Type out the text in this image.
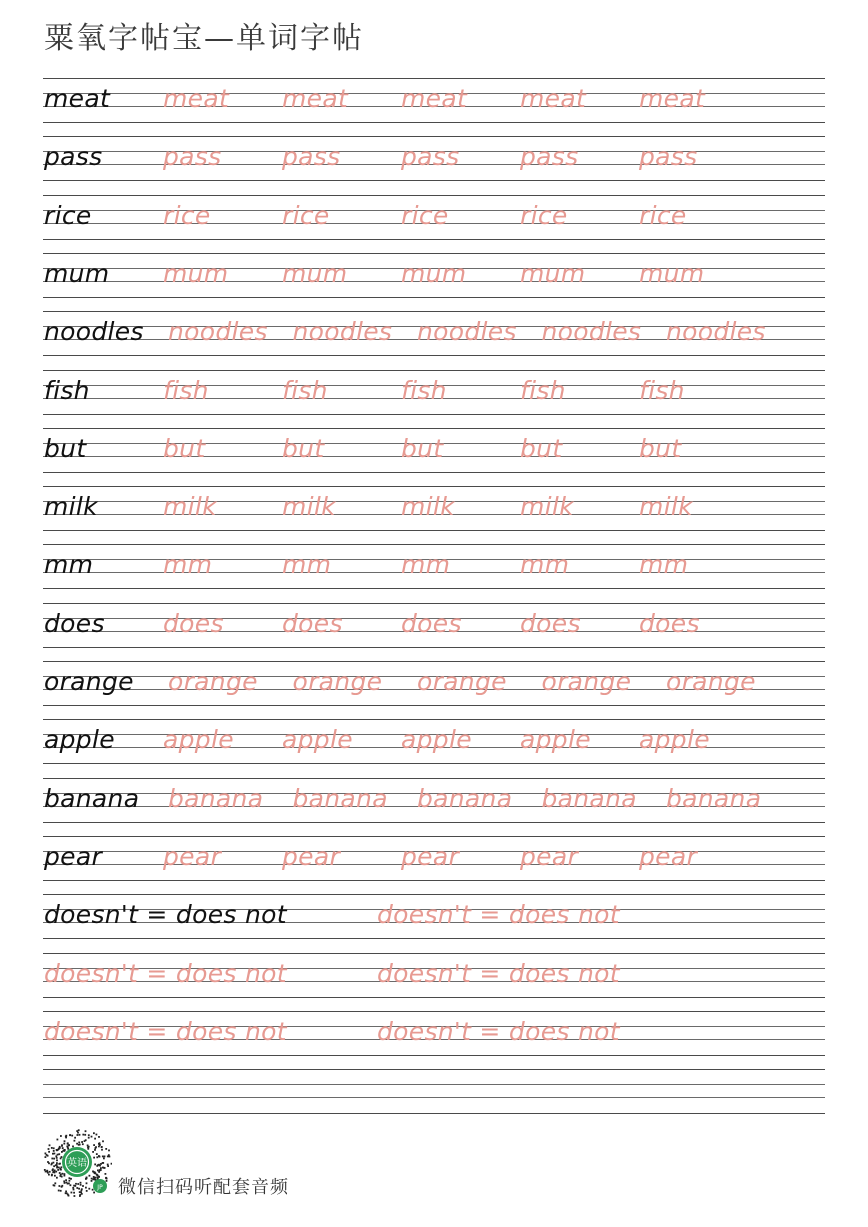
粟氧字帖宝—单词字帖
meat meat meat meat meat meat
pass pass pass pass pass pass
rice	rice	rice	rice	rice	rice
mum mum mum mum mum mum
noodles noodles noodles noodles noodles noodles
fish	fish	fish	fish	fish	fish
but	but	but	but	but	but
milk	milk	milk	milk	milk	milk
mm	mm	mm	mm	mm	mm
does does does does does does
orange orange orange orange orange orange
apple apple apple apple apple apple
banana banana banana banana banana banana
pear pear pear pear pear pear
doesn't = does not	doesn't = does not
doesn't = does not	doesn't = does not
doesn't = does not	doesn't = does not
英语
JP 微信扫码听配套音频
